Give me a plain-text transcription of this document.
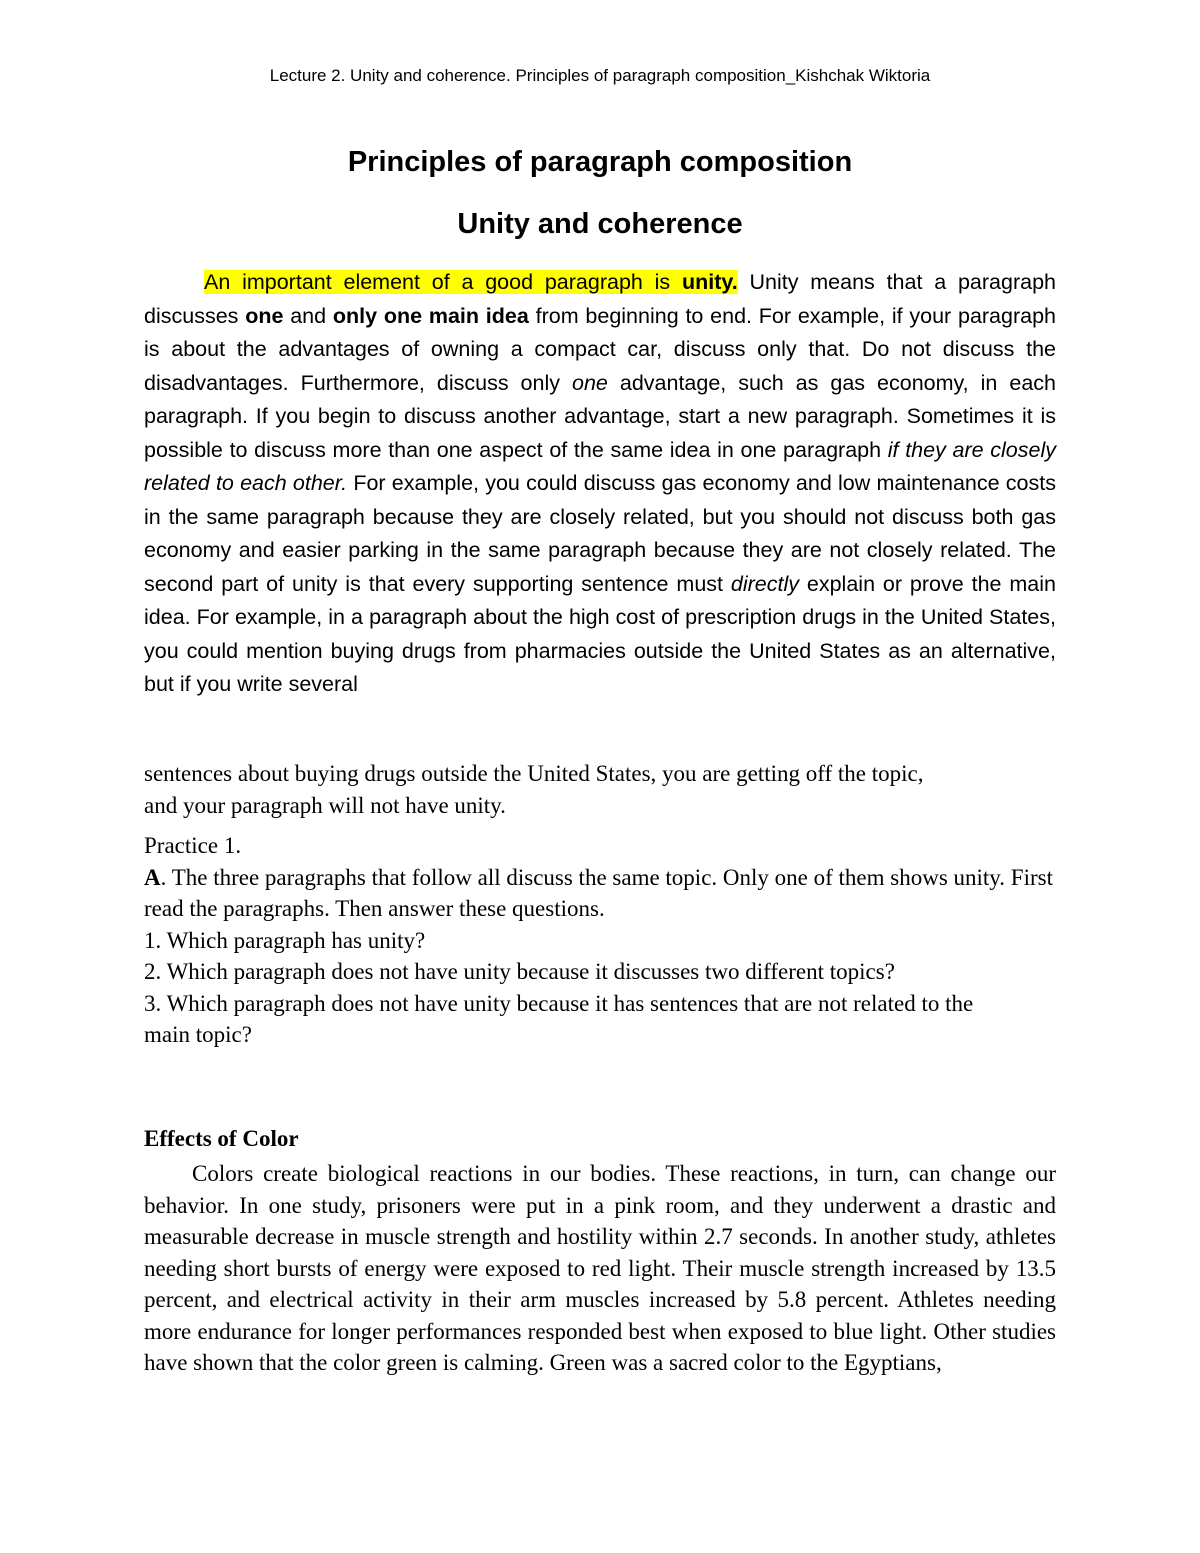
Lecture 2. Unity and coherence. Principles of paragraph composition_Kishchak Wiktoria
Principles of paragraph composition
Unity and coherence
An important element of a good paragraph is unity. Unity means that a paragraph discusses one and only one main idea from beginning to end. For example, if your paragraph is about the advantages of owning a compact car, discuss only that. Do not discuss the disadvantages. Furthermore, discuss only one advantage, such as gas economy, in each paragraph. If you begin to discuss another advantage, start a new paragraph. Sometimes it is possible to discuss more than one aspect of the same idea in one paragraph if they are closely related to each other. For example, you could discuss gas economy and low maintenance costs in the same paragraph because they are closely related, but you should not discuss both gas economy and easier parking in the same paragraph because they are not closely related. The second part of unity is that every supporting sentence must directly explain or prove the main idea. For example, in a paragraph about the high cost of prescription drugs in the United States, you could mention buying drugs from pharmacies outside the United States as an alternative, but if you write several

sentences about buying drugs outside the United States, you are getting off the topic,

and your paragraph will not have unity.

Practice 1.

A. The three paragraphs that follow all discuss the same topic. Only one of them shows unity. First read the paragraphs. Then answer these questions.

1. Which paragraph has unity?

2. Which paragraph does not have unity because it discusses two different topics?

3. Which paragraph does not have unity because it has sentences that are not related to the main topic?

Effects of Color
Colors create biological reactions in our bodies. These reactions, in turn, can change our behavior. In one study, prisoners were put in a pink room, and they underwent a drastic and measurable decrease in muscle strength and hostility within 2.7 seconds. In another study, athletes needing short bursts of energy were exposed to red light. Their muscle strength increased by 13.5 percent, and electrical activity in their arm muscles increased by 5.8 percent. Athletes needing more endurance for longer performances responded best when exposed to blue light. Other studies have shown that the color green is calming. Green was a sacred color to the Egyptians,
